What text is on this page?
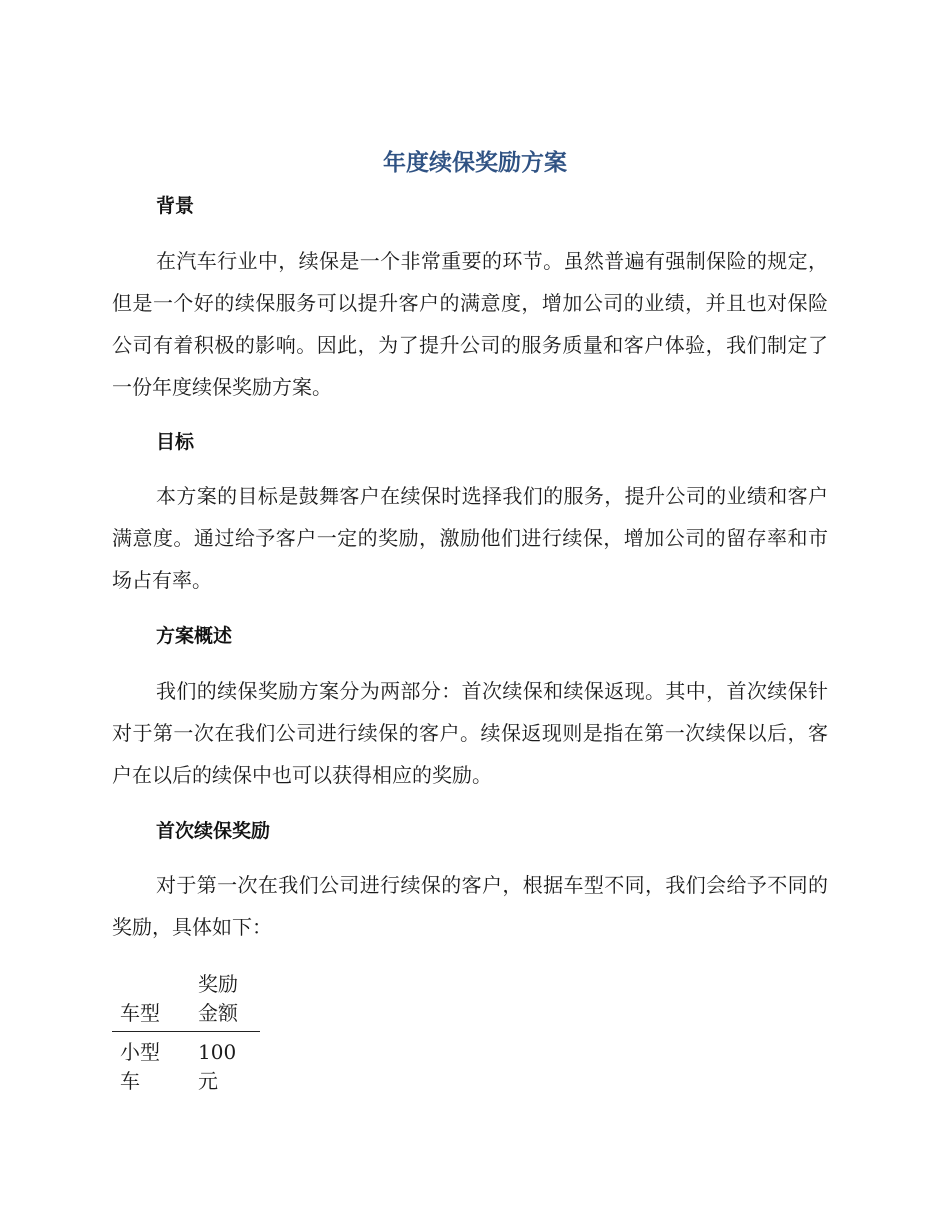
年度续保奖励方案
背景
在汽车行业中，续保是一个非常重要的环节。虽然普遍有强制保险的规定，但是一个好的续保服务可以提升客户的满意度，增加公司的业绩，并且也对保险公司有着积极的影响。因此，为了提升公司的服务质量和客户体验，我们制定了一份年度续保奖励方案。
目标
本方案的目标是鼓舞客户在续保时选择我们的服务，提升公司的业绩和客户满意度。通过给予客户一定的奖励，激励他们进行续保，增加公司的留存率和市场占有率。
方案概述
我们的续保奖励方案分为两部分：首次续保和续保返现。其中，首次续保针对于第一次在我们公司进行续保的客户。续保返现则是指在第一次续保以后，客户在以后的续保中也可以获得相应的奖励。
首次续保奖励
对于第一次在我们公司进行续保的客户，根据车型不同，我们会给予不同的奖励，具体如下：
车型	奖励金额

小型车	100元
